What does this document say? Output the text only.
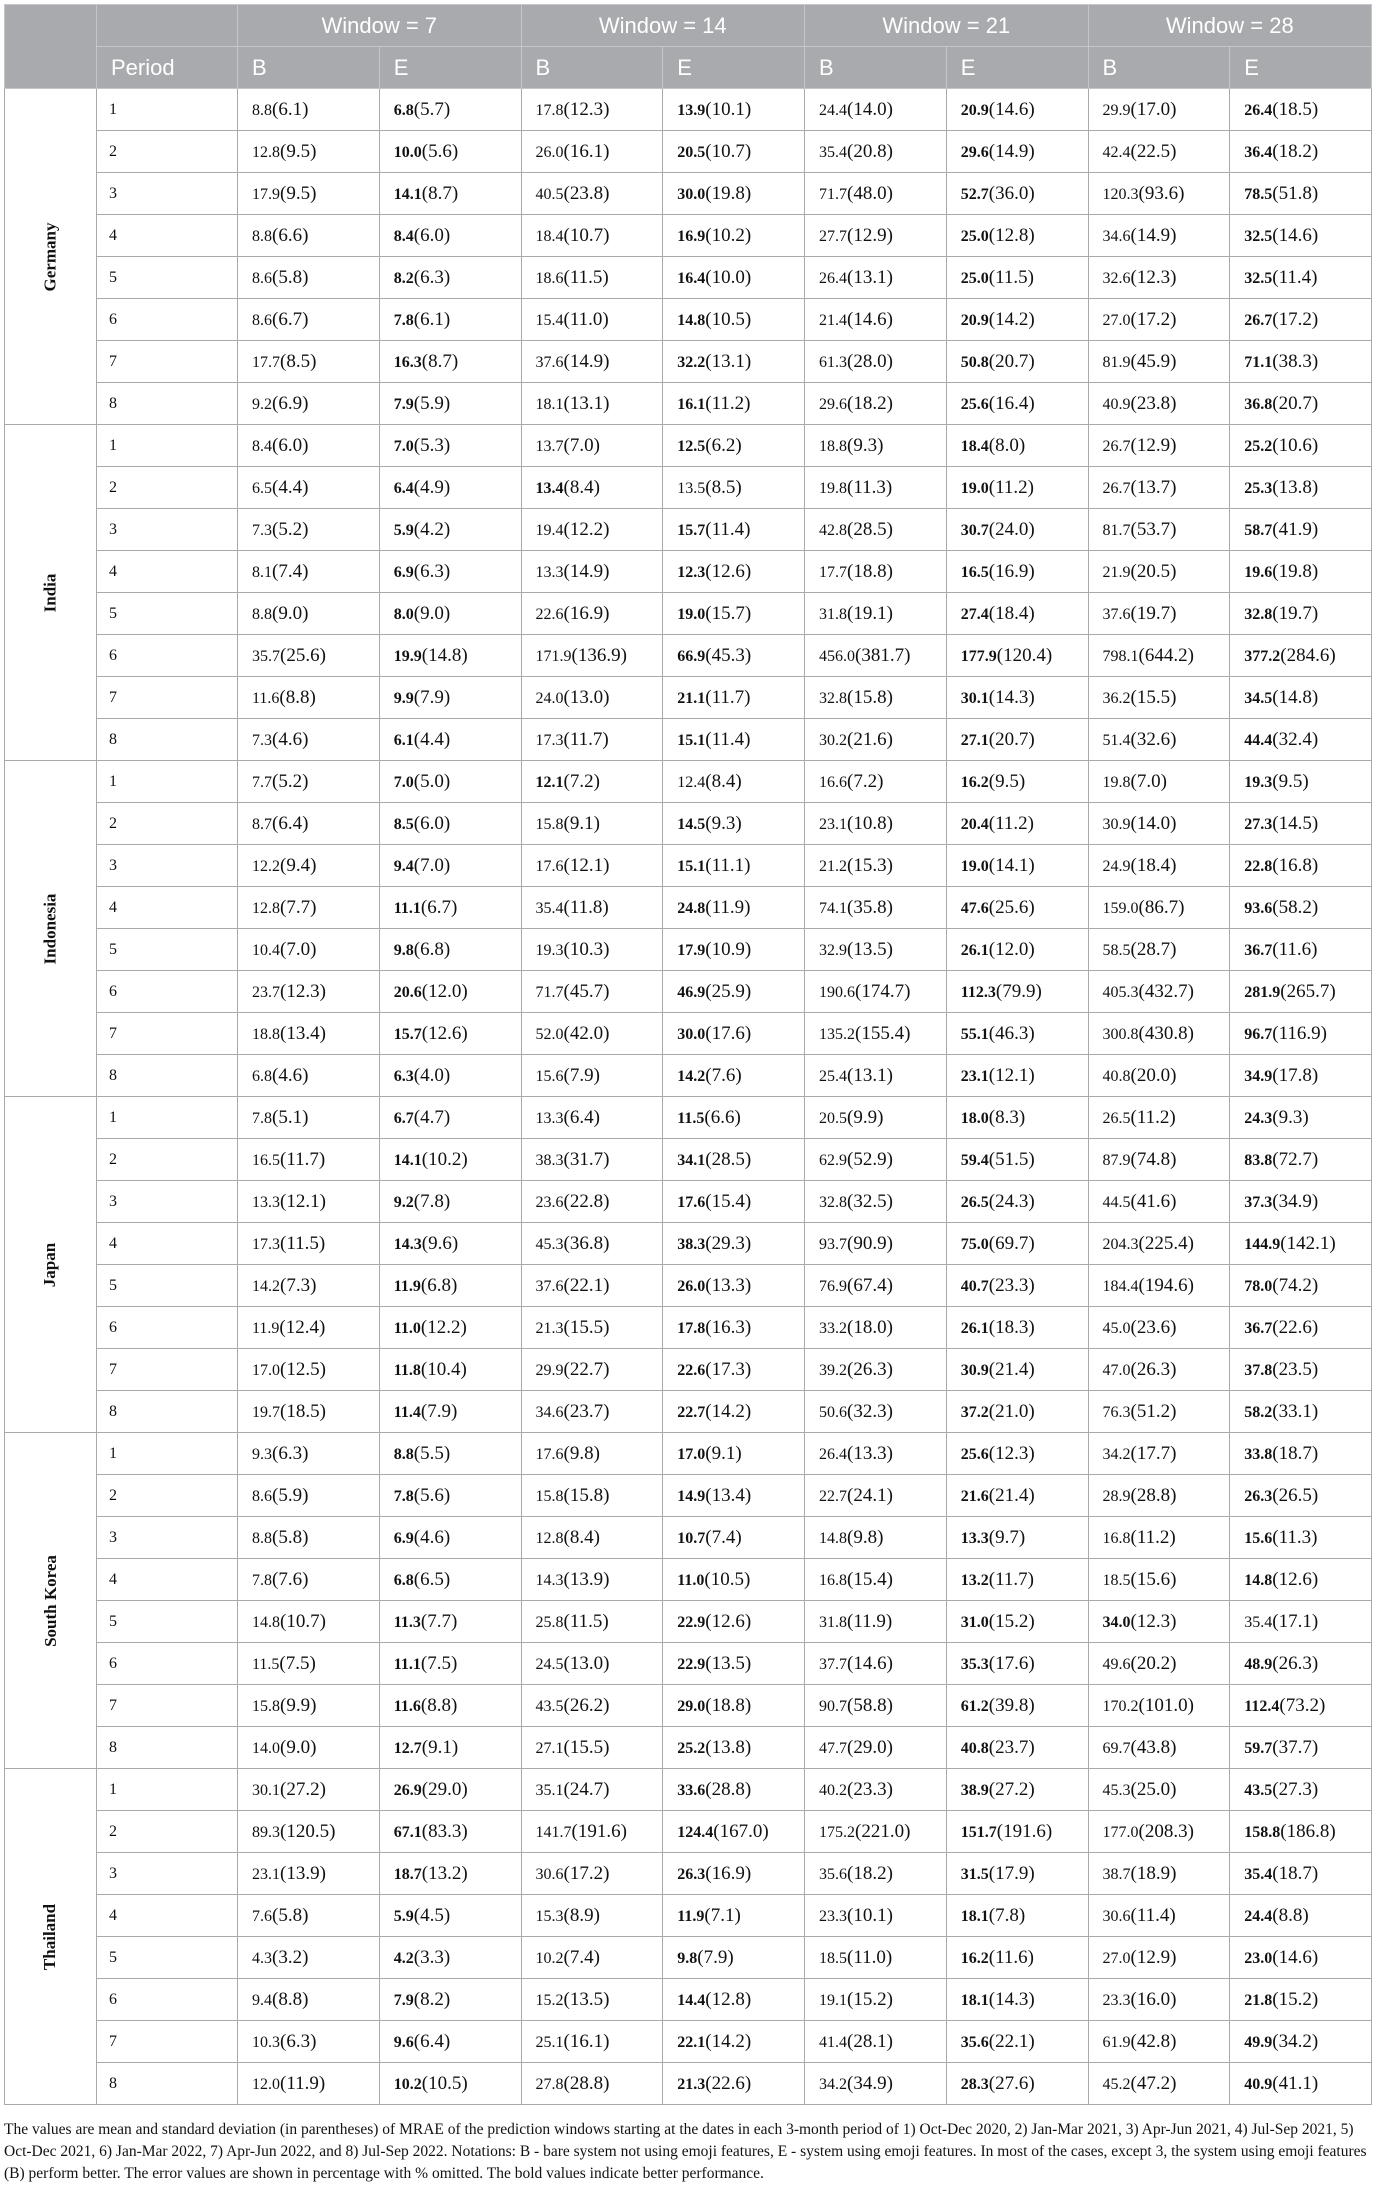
		Window = 7		Window = 14		Window = 21		Window = 28	
	Period	B	E	B	E	B	E	B	E
Germany	1	8.8(6.1)	6.8(5.7)	17.8(12.3)	13.9(10.1)	24.4(14.0)	20.9(14.6)	29.9(17.0)	26.4(18.5)
	2	12.8(9.5)	10.0(5.6)	26.0(16.1)	20.5(10.7)	35.4(20.8)	29.6(14.9)	42.4(22.5)	36.4(18.2)
	3	17.9(9.5)	14.1(8.7)	40.5(23.8)	30.0(19.8)	71.7(48.0)	52.7(36.0)	120.3(93.6)	78.5(51.8)
	4	8.8(6.6)	8.4(6.0)	18.4(10.7)	16.9(10.2)	27.7(12.9)	25.0(12.8)	34.6(14.9)	32.5(14.6)
	5	8.6(5.8)	8.2(6.3)	18.6(11.5)	16.4(10.0)	26.4(13.1)	25.0(11.5)	32.6(12.3)	32.5(11.4)
	6	8.6(6.7)	7.8(6.1)	15.4(11.0)	14.8(10.5)	21.4(14.6)	20.9(14.2)	27.0(17.2)	26.7(17.2)
	7	17.7(8.5)	16.3(8.7)	37.6(14.9)	32.2(13.1)	61.3(28.0)	50.8(20.7)	81.9(45.9)	71.1(38.3)
	8	9.2(6.9)	7.9(5.9)	18.1(13.1)	16.1(11.2)	29.6(18.2)	25.6(16.4)	40.9(23.8)	36.8(20.7)
India	1	8.4(6.0)	7.0(5.3)	13.7(7.0)	12.5(6.2)	18.8(9.3)	18.4(8.0)	26.7(12.9)	25.2(10.6)
	2	6.5(4.4)	6.4(4.9)	13.4(8.4)	13.5(8.5)	19.8(11.3)	19.0(11.2)	26.7(13.7)	25.3(13.8)
	3	7.3(5.2)	5.9(4.2)	19.4(12.2)	15.7(11.4)	42.8(28.5)	30.7(24.0)	81.7(53.7)	58.7(41.9)
	4	8.1(7.4)	6.9(6.3)	13.3(14.9)	12.3(12.6)	17.7(18.8)	16.5(16.9)	21.9(20.5)	19.6(19.8)
	5	8.8(9.0)	8.0(9.0)	22.6(16.9)	19.0(15.7)	31.8(19.1)	27.4(18.4)	37.6(19.7)	32.8(19.7)
	6	35.7(25.6)	19.9(14.8)	171.9(136.9)	66.9(45.3)	456.0(381.7)	177.9(120.4)	798.1(644.2)	377.2(284.6)
	7	11.6(8.8)	9.9(7.9)	24.0(13.0)	21.1(11.7)	32.8(15.8)	30.1(14.3)	36.2(15.5)	34.5(14.8)
	8	7.3(4.6)	6.1(4.4)	17.3(11.7)	15.1(11.4)	30.2(21.6)	27.1(20.7)	51.4(32.6)	44.4(32.4)
Indonesia	1	7.7(5.2)	7.0(5.0)	12.1(7.2)	12.4(8.4)	16.6(7.2)	16.2(9.5)	19.8(7.0)	19.3(9.5)
	2	8.7(6.4)	8.5(6.0)	15.8(9.1)	14.5(9.3)	23.1(10.8)	20.4(11.2)	30.9(14.0)	27.3(14.5)
	3	12.2(9.4)	9.4(7.0)	17.6(12.1)	15.1(11.1)	21.2(15.3)	19.0(14.1)	24.9(18.4)	22.8(16.8)
	4	12.8(7.7)	11.1(6.7)	35.4(11.8)	24.8(11.9)	74.1(35.8)	47.6(25.6)	159.0(86.7)	93.6(58.2)
	5	10.4(7.0)	9.8(6.8)	19.3(10.3)	17.9(10.9)	32.9(13.5)	26.1(12.0)	58.5(28.7)	36.7(11.6)
	6	23.7(12.3)	20.6(12.0)	71.7(45.7)	46.9(25.9)	190.6(174.7)	112.3(79.9)	405.3(432.7)	281.9(265.7)
	7	18.8(13.4)	15.7(12.6)	52.0(42.0)	30.0(17.6)	135.2(155.4)	55.1(46.3)	300.8(430.8)	96.7(116.9)
	8	6.8(4.6)	6.3(4.0)	15.6(7.9)	14.2(7.6)	25.4(13.1)	23.1(12.1)	40.8(20.0)	34.9(17.8)
Japan	1	7.8(5.1)	6.7(4.7)	13.3(6.4)	11.5(6.6)	20.5(9.9)	18.0(8.3)	26.5(11.2)	24.3(9.3)
	2	16.5(11.7)	14.1(10.2)	38.3(31.7)	34.1(28.5)	62.9(52.9)	59.4(51.5)	87.9(74.8)	83.8(72.7)
	3	13.3(12.1)	9.2(7.8)	23.6(22.8)	17.6(15.4)	32.8(32.5)	26.5(24.3)	44.5(41.6)	37.3(34.9)
	4	17.3(11.5)	14.3(9.6)	45.3(36.8)	38.3(29.3)	93.7(90.9)	75.0(69.7)	204.3(225.4)	144.9(142.1)
	5	14.2(7.3)	11.9(6.8)	37.6(22.1)	26.0(13.3)	76.9(67.4)	40.7(23.3)	184.4(194.6)	78.0(74.2)
	6	11.9(12.4)	11.0(12.2)	21.3(15.5)	17.8(16.3)	33.2(18.0)	26.1(18.3)	45.0(23.6)	36.7(22.6)
	7	17.0(12.5)	11.8(10.4)	29.9(22.7)	22.6(17.3)	39.2(26.3)	30.9(21.4)	47.0(26.3)	37.8(23.5)
	8	19.7(18.5)	11.4(7.9)	34.6(23.7)	22.7(14.2)	50.6(32.3)	37.2(21.0)	76.3(51.2)	58.2(33.1)
South Korea	1	9.3(6.3)	8.8(5.5)	17.6(9.8)	17.0(9.1)	26.4(13.3)	25.6(12.3)	34.2(17.7)	33.8(18.7)
	2	8.6(5.9)	7.8(5.6)	15.8(15.8)	14.9(13.4)	22.7(24.1)	21.6(21.4)	28.9(28.8)	26.3(26.5)
	3	8.8(5.8)	6.9(4.6)	12.8(8.4)	10.7(7.4)	14.8(9.8)	13.3(9.7)	16.8(11.2)	15.6(11.3)
	4	7.8(7.6)	6.8(6.5)	14.3(13.9)	11.0(10.5)	16.8(15.4)	13.2(11.7)	18.5(15.6)	14.8(12.6)
	5	14.8(10.7)	11.3(7.7)	25.8(11.5)	22.9(12.6)	31.8(11.9)	31.0(15.2)	34.0(12.3)	35.4(17.1)
	6	11.5(7.5)	11.1(7.5)	24.5(13.0)	22.9(13.5)	37.7(14.6)	35.3(17.6)	49.6(20.2)	48.9(26.3)
	7	15.8(9.9)	11.6(8.8)	43.5(26.2)	29.0(18.8)	90.7(58.8)	61.2(39.8)	170.2(101.0)	112.4(73.2)
	8	14.0(9.0)	12.7(9.1)	27.1(15.5)	25.2(13.8)	47.7(29.0)	40.8(23.7)	69.7(43.8)	59.7(37.7)
Thailand	1	30.1(27.2)	26.9(29.0)	35.1(24.7)	33.6(28.8)	40.2(23.3)	38.9(27.2)	45.3(25.0)	43.5(27.3)
	2	89.3(120.5)	67.1(83.3)	141.7(191.6)	124.4(167.0)	175.2(221.0)	151.7(191.6)	177.0(208.3)	158.8(186.8)
	3	23.1(13.9)	18.7(13.2)	30.6(17.2)	26.3(16.9)	35.6(18.2)	31.5(17.9)	38.7(18.9)	35.4(18.7)
	4	7.6(5.8)	5.9(4.5)	15.3(8.9)	11.9(7.1)	23.3(10.1)	18.1(7.8)	30.6(11.4)	24.4(8.8)
	5	4.3(3.2)	4.2(3.3)	10.2(7.4)	9.8(7.9)	18.5(11.0)	16.2(11.6)	27.0(12.9)	23.0(14.6)
	6	9.4(8.8)	7.9(8.2)	15.2(13.5)	14.4(12.8)	19.1(15.2)	18.1(14.3)	23.3(16.0)	21.8(15.2)
	7	10.3(6.3)	9.6(6.4)	25.1(16.1)	22.1(14.2)	41.4(28.1)	35.6(22.1)	61.9(42.8)	49.9(34.2)
	8	12.0(11.9)	10.2(10.5)	27.8(28.8)	21.3(22.6)	34.2(34.9)	28.3(27.6)	45.2(47.2)	40.9(41.1)
The values are mean and standard deviation (in parentheses) of MRAE of the prediction windows starting at the dates in each 3-month period of 1) Oct-Dec 2020, 2) Jan-Mar 2021, 3) Apr-Jun 2021, 4) Jul-Sep 2021, 5) Oct-Dec 2021, 6) Jan-Mar 2022, 7) Apr-Jun 2022, and 8) Jul-Sep 2022. Notations: B - bare system not using emoji features, E - system using emoji features. In most of the cases, except 3, the system using emoji features (B) perform better. The error values are shown in percentage with % omitted. The bold values indicate better performance.
